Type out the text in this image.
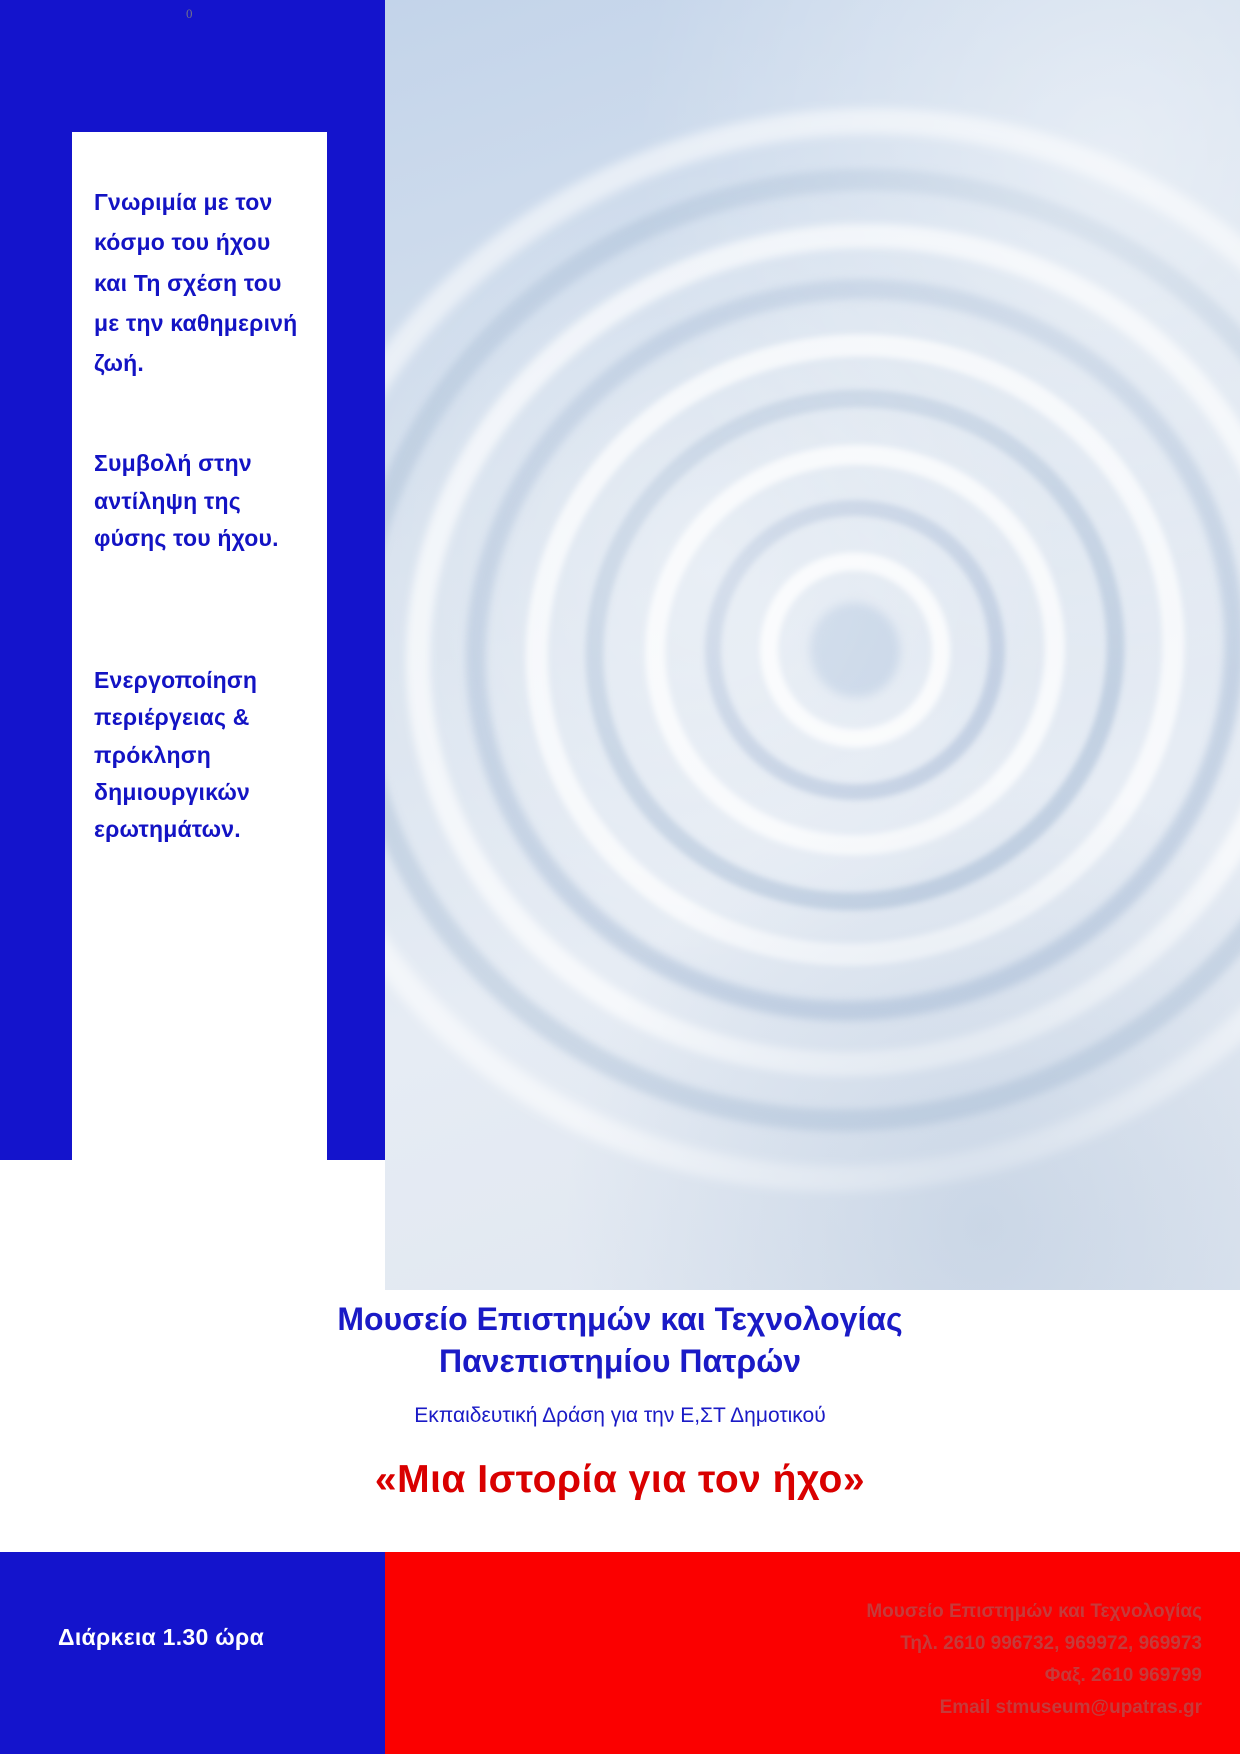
0
Γνωριμία με τον κόσμο του ήχου και Τη σχέση του με την καθημερινή ζωή.
Συμβολή στην αντίληψη της φύσης του ήχου.
Ενεργοποίηση περιέργειας & πρόκληση δημιουργικών ερωτημάτων.
Μουσείο Επιστημών και Τεχνολογίας
Πανεπιστημίου Πατρών
Εκπαιδευτική Δράση για την Ε,ΣΤ Δημοτικού
«Μια Ιστορία για τον ήχο»
Διάρκεια 1.30 ώρα
Μουσείο Επιστημών και Τεχνολογίας
Τηλ. 2610 996732, 969972, 969973
Φαξ. 2610 969799
Email stmuseum@upatras.gr
